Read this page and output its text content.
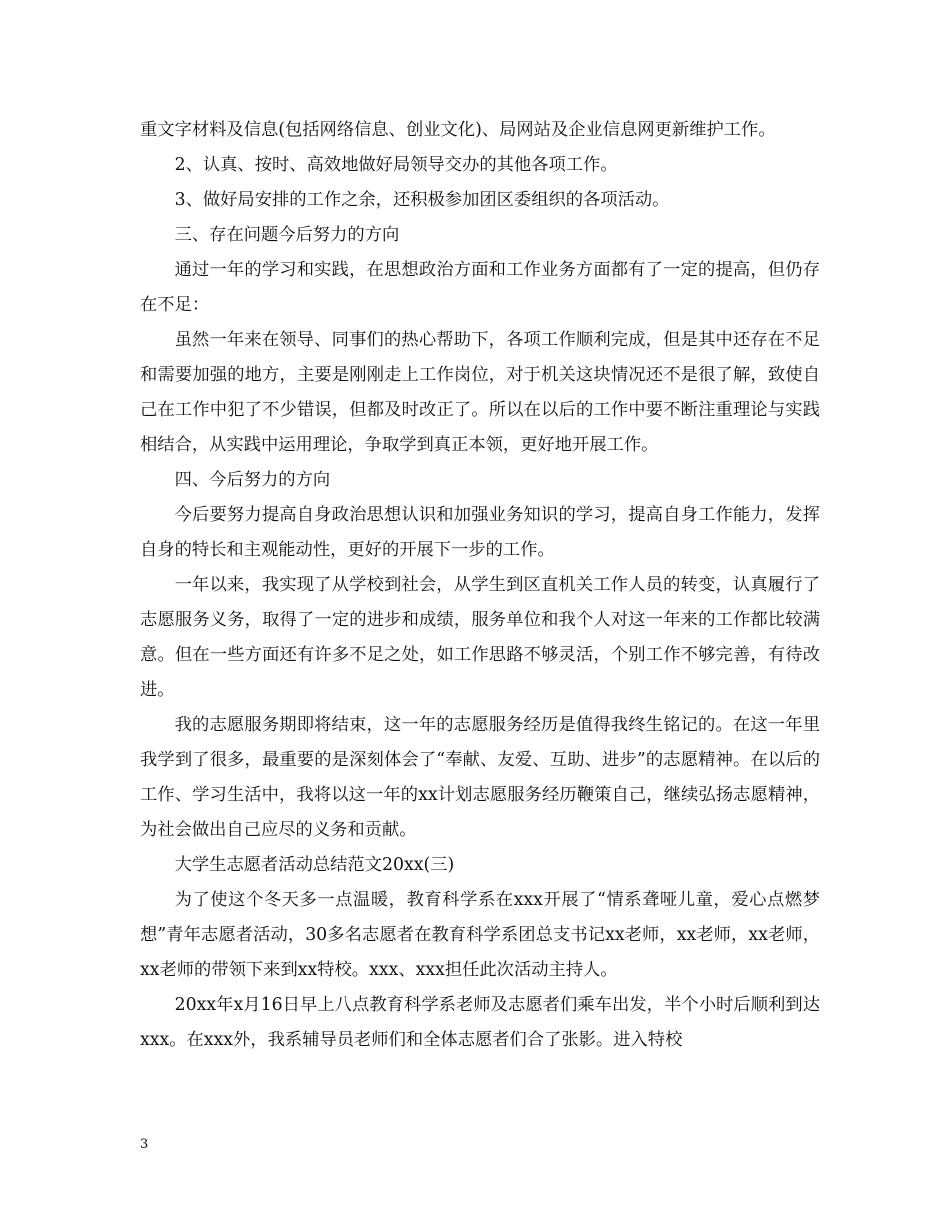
重文字材料及信息(包括网络信息、创业文化)、局网站及企业信息网更新维护工作。

2、认真、按时、高效地做好局领导交办的其他各项工作。

3、做好局安排的工作之余，还积极参加团区委组织的各项活动。

三、存在问题今后努力的方向

通过一年的学习和实践，在思想政治方面和工作业务方面都有了一定的提高，但仍存在不足：

虽然一年来在领导、同事们的热心帮助下，各项工作顺利完成，但是其中还存在不足和需要加强的地方，主要是刚刚走上工作岗位，对于机关这块情况还不是很了解，致使自己在工作中犯了不少错误，但都及时改正了。所以在以后的工作中要不断注重理论与实践相结合，从实践中运用理论，争取学到真正本领，更好地开展工作。

四、今后努力的方向

今后要努力提高自身政治思想认识和加强业务知识的学习，提高自身工作能力，发挥自身的特长和主观能动性，更好的开展下一步的工作。

一年以来，我实现了从学校到社会，从学生到区直机关工作人员的转变，认真履行了志愿服务义务，取得了一定的进步和成绩，服务单位和我个人对这一年来的工作都比较满意。但在一些方面还有许多不足之处，如工作思路不够灵活，个别工作不够完善，有待改进。

我的志愿服务期即将结束，这一年的志愿服务经历是值得我终生铭记的。在这一年里我学到了很多，最重要的是深刻体会了“奉献、友爱、互助、进步”的志愿精神。在以后的工作、学习生活中，我将以这一年的xx计划志愿服务经历鞭策自己，继续弘扬志愿精神，为社会做出自己应尽的义务和贡献。

大学生志愿者活动总结范文20xx(三)

为了使这个冬天多一点温暖，教育科学系在xxx开展了“情系聋哑儿童，爱心点燃梦想”青年志愿者活动，30多名志愿者在教育科学系团总支书记xx老师，xx老师，xx老师，xx老师的带领下来到xx特校。xxx、xxx担任此次活动主持人。

20xx年x月16日早上八点教育科学系老师及志愿者们乘车出发，半个小时后顺利到达xxx。在xxx外，我系辅导员老师们和全体志愿者们合了张影。进入特校

3
